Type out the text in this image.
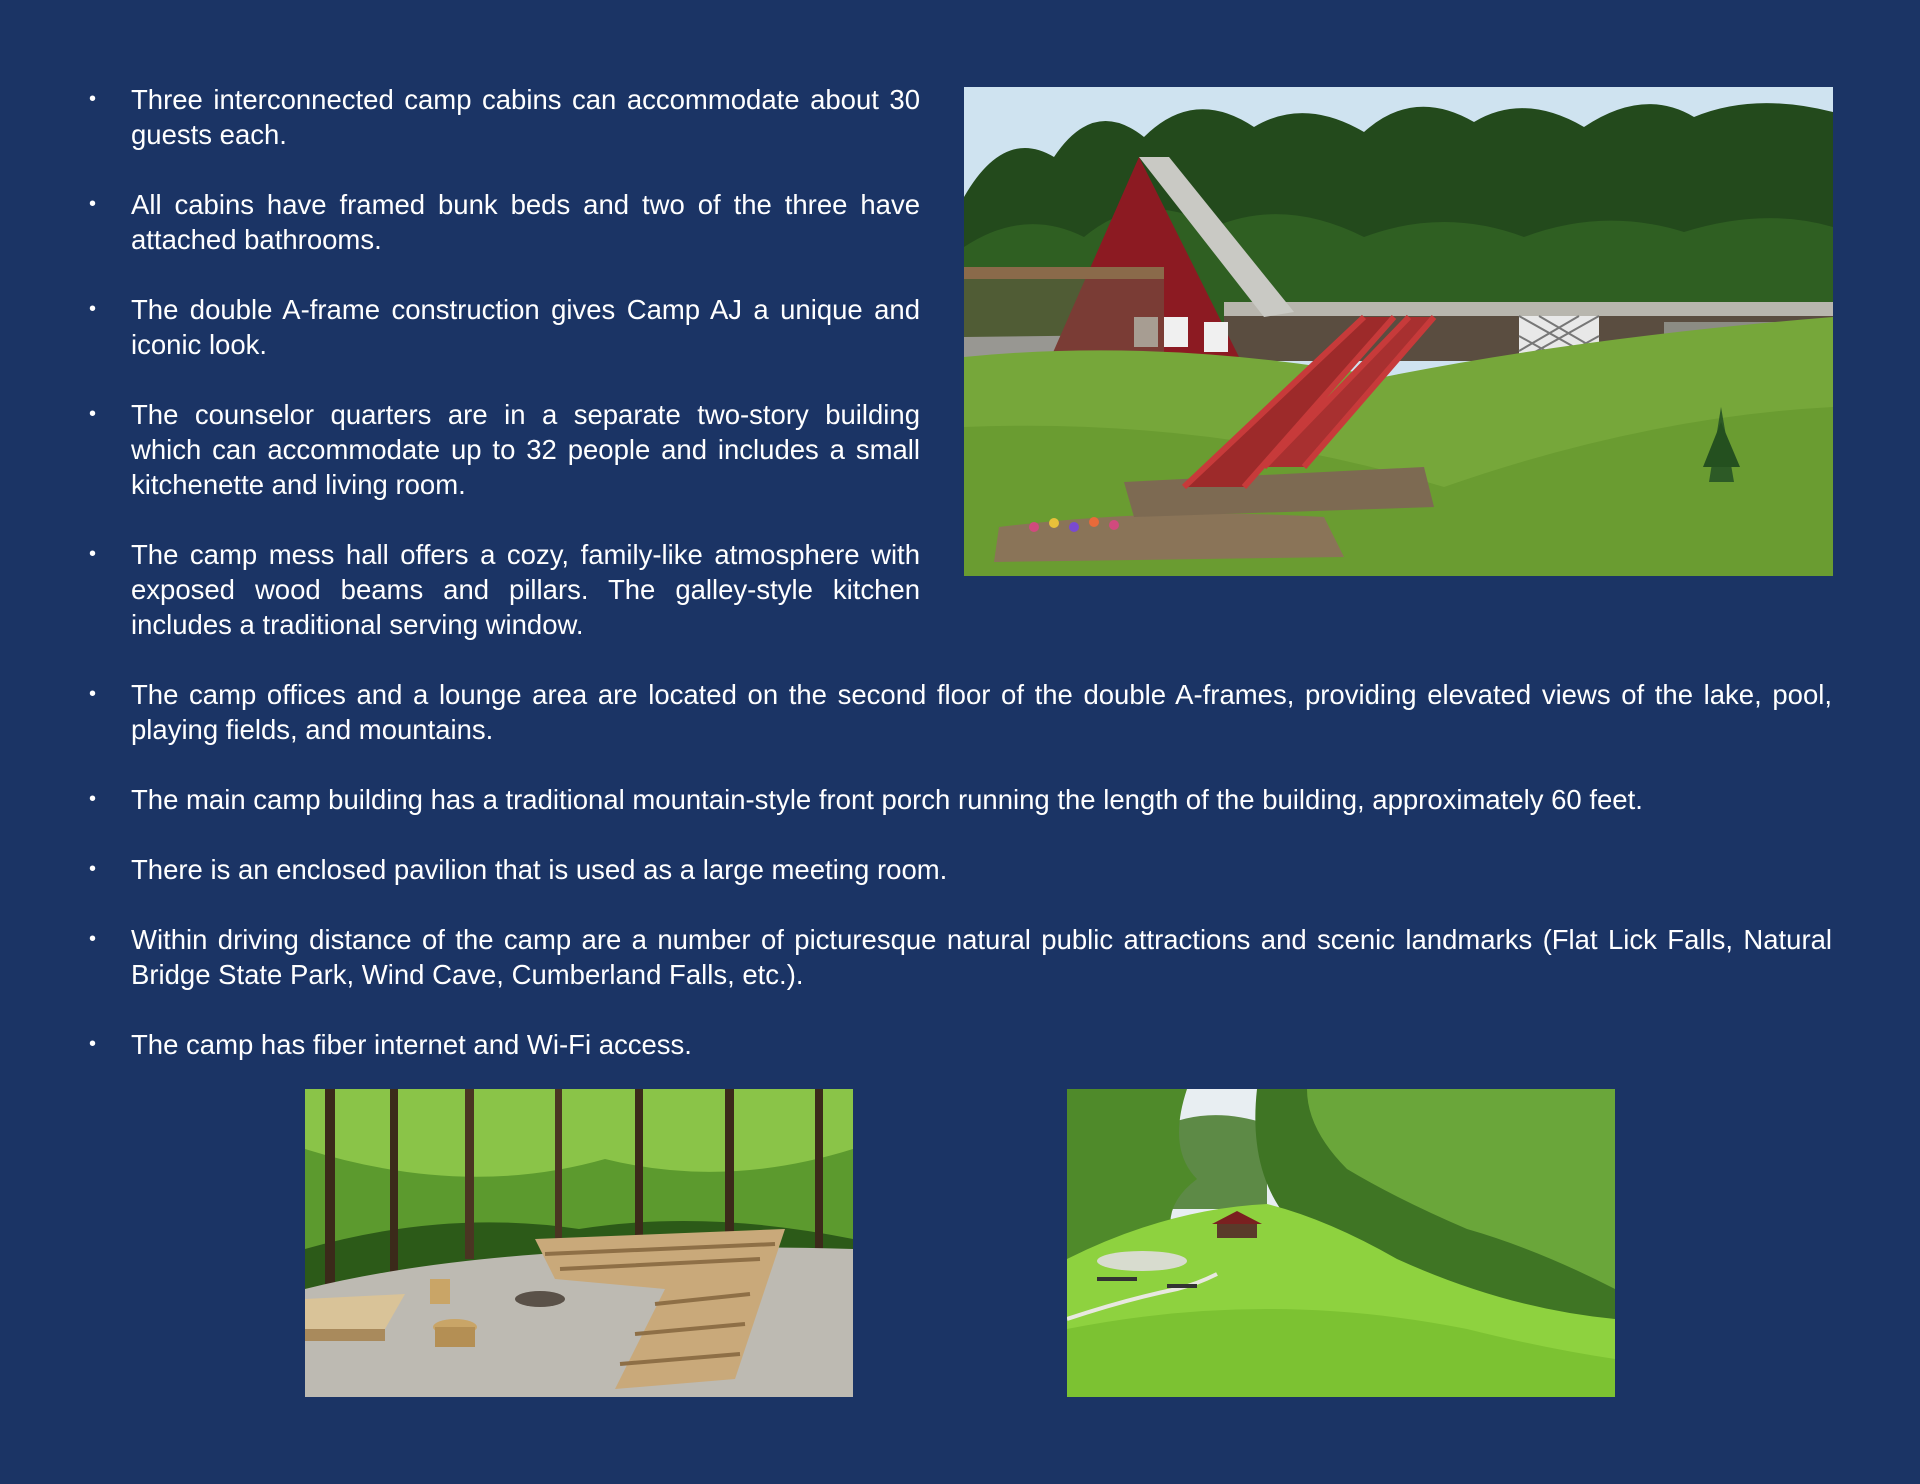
• Three interconnected camp cabins can accommodate about 30 guests each.
• All cabins have framed bunk beds and two of the three have attached bathrooms.
• The double A-frame construction gives Camp AJ a unique and iconic look.
• The counselor quarters are in a separate two-story building which can accommodate up to 32 people and includes a small kitchenette and living room.
• The camp mess hall offers a cozy, family-like atmosphere with exposed wood beams and pillars. The galley-style kitchen includes a traditional serving window.
• The camp offices and a lounge area are located on the second floor of the double A-frames, providing elevated views of the lake, pool, playing fields, and mountains.
• The main camp building has a traditional mountain-style front porch running the length of the building, approximately 60 feet.
• There is an enclosed pavilion that is used as a large meeting room.
• Within driving distance of the camp are a number of picturesque natural public attractions and scenic landmarks (Flat Lick Falls, Natural Bridge State Park, Wind Cave, Cumberland Falls, etc.).
• The camp has fiber internet and Wi-Fi access.
